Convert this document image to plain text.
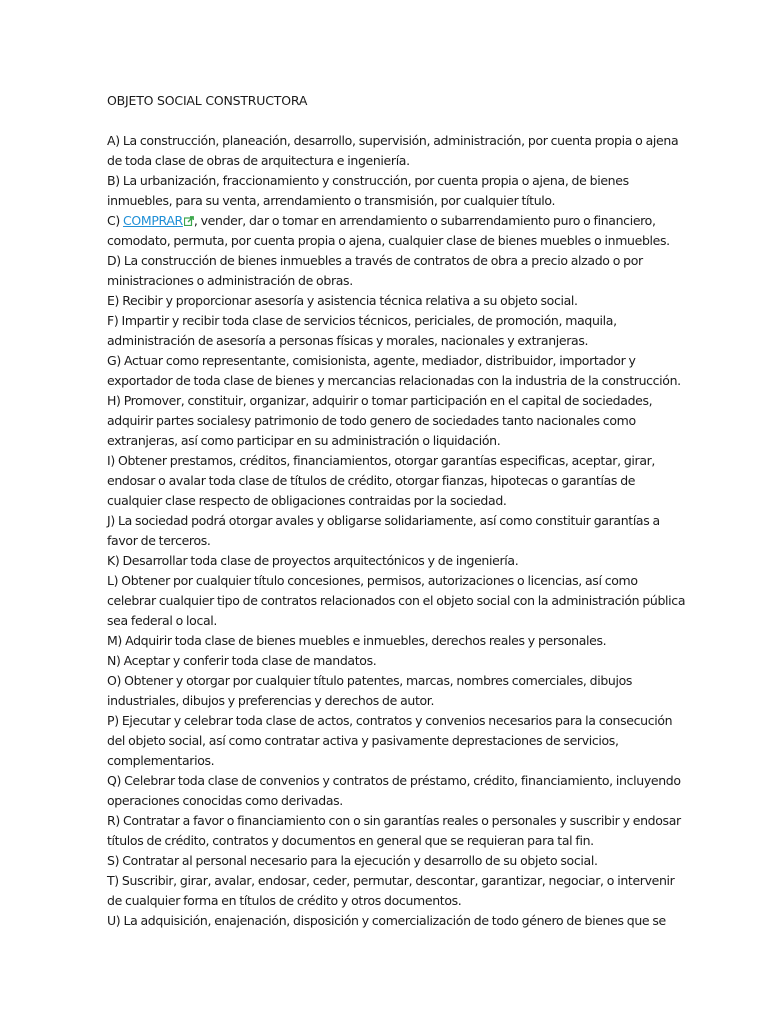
OBJETO SOCIAL CONSTRUCTORA
A) La construcción, planeación, desarrollo, supervisión, administración, por cuenta propia o ajena
de toda clase de obras de arquitectura e ingeniería.
B) La urbanización, fraccionamiento y construcción, por cuenta propia o ajena, de bienes
inmuebles, para su venta, arrendamiento o transmisión, por cualquier título.
C) COMPRAR , vender, dar o tomar en arrendamiento o subarrendamiento puro o financiero,
comodato, permuta, por cuenta propia o ajena, cualquier clase de bienes muebles o inmuebles.
D) La construcción de bienes inmuebles a través de contratos de obra a precio alzado o por
ministraciones o administración de obras.
E) Recibir y proporcionar asesoría y asistencia técnica relativa a su objeto social.
F) Impartir y recibir toda clase de servicios técnicos, periciales, de promoción, maquila,
administración de asesoría a personas físicas y morales, nacionales y extranjeras.
G) Actuar como representante, comisionista, agente, mediador, distribuidor, importador y
exportador de toda clase de bienes y mercancias relacionadas con la industria de la construcción.
H) Promover, constituir, organizar, adquirir o tomar participación en el capital de sociedades,
adquirir partes socialesy patrimonio de todo genero de sociedades tanto nacionales como
extranjeras, así como participar en su administración o liquidación.
I) Obtener prestamos, créditos, financiamientos, otorgar garantías especificas, aceptar, girar,
endosar o avalar toda clase de títulos de crédito, otorgar fianzas, hipotecas o garantías de
cualquier clase respecto de obligaciones contraidas por la sociedad.
J) La sociedad podrá otorgar avales y obligarse solidariamente, así como constituir garantías a
favor de terceros.
K) Desarrollar toda clase de proyectos arquitectónicos y de ingeniería.
L) Obtener por cualquier título concesiones, permisos, autorizaciones o licencias, así como
celebrar cualquier tipo de contratos relacionados con el objeto social con la administración pública
sea federal o local.
M) Adquirir toda clase de bienes muebles e inmuebles, derechos reales y personales.
N) Aceptar y conferir toda clase de mandatos.
O) Obtener y otorgar por cualquier título patentes, marcas, nombres comerciales, dibujos
industriales, dibujos y preferencias y derechos de autor.
P) Ejecutar y celebrar toda clase de actos, contratos y convenios necesarios para la consecución
del objeto social, así como contratar activa y pasivamente depresta​ciones de servicios,
complementarios.
Q) Celebrar toda clase de convenios y contratos de préstamo, crédito, financiamiento, incluyendo
operaciones conocidas como derivadas.
R) Contratar a favor o financiamiento con o sin garantías reales o personales y suscribir y endosar
títulos de crédito, contratos y documentos en general que se requieran para tal fin.
S) Contratar al personal necesario para la ejecución y desarrollo de su objeto social.
T) Suscribir, girar, avalar, endosar, ceder, permutar, descontar, garantizar, negociar, o intervenir
de cualquier forma en títulos de crédito y otros documentos.
U) La adquisición, enajenación, disposición y comercialización de todo género de bienes que se
